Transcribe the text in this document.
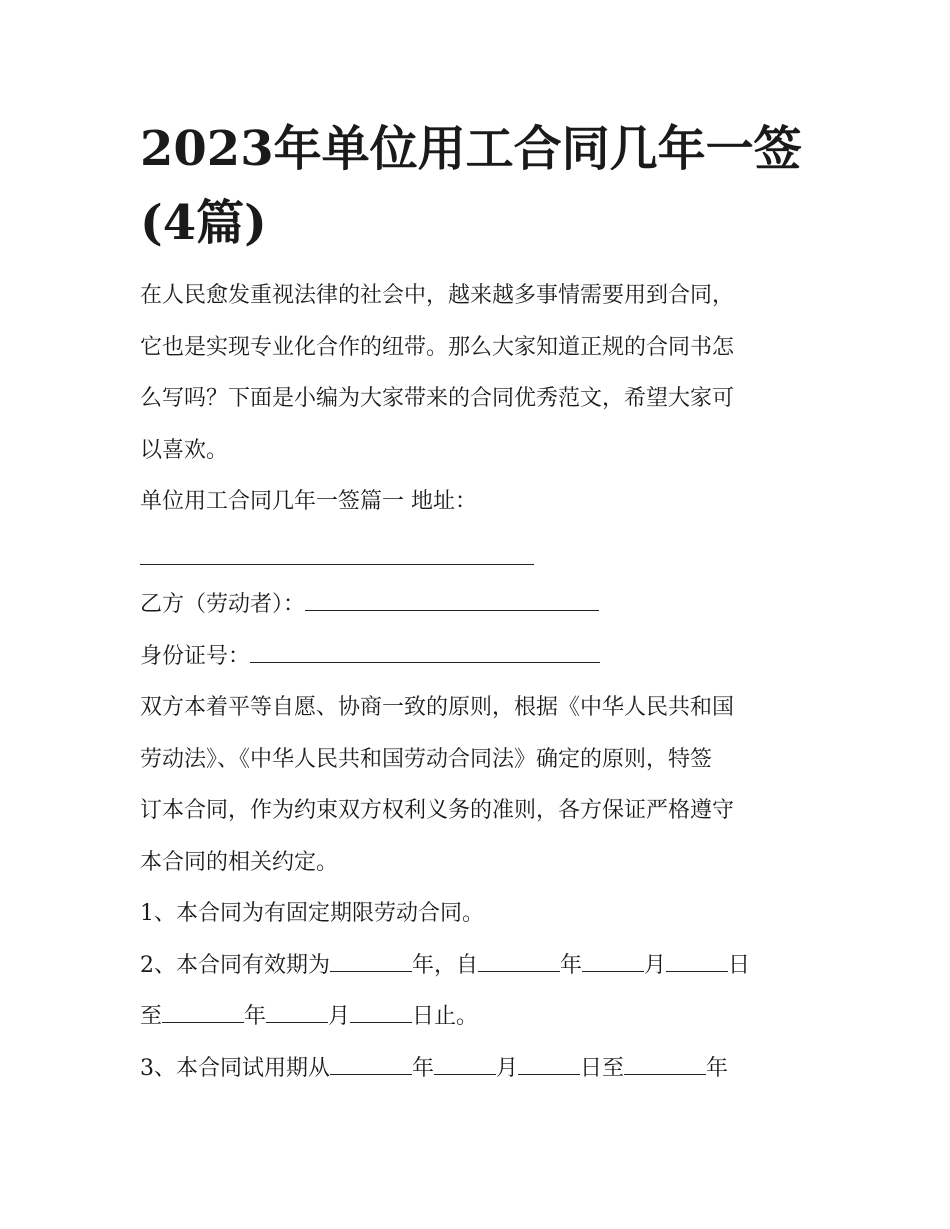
2023年单位用工合同几年一签
(4篇)

在人民愈发重视法律的社会中，越来越多事情需要用到合同，

它也是实现专业化合作的纽带。那么大家知道正规的合同书怎

么写吗？下面是小编为大家带来的合同优秀范文，希望大家可

以喜欢。

单位用工合同几年一签篇一 地址：

乙方（劳动者）：

身份证号：

双方本着平等自愿、协商一致的原则，根据《中华人民共和国

劳动法》、《中华人民共和国劳动合同法》确定的原则，特签

订本合同，作为约束双方权利义务的准则，各方保证严格遵守

本合同的相关约定。

1、本合同为有固定期限劳动合同。

2、本合同有效期为	年，自	年	月	日

至	年	月	日止。

3、本合同试用期从	年	月	日至	年
